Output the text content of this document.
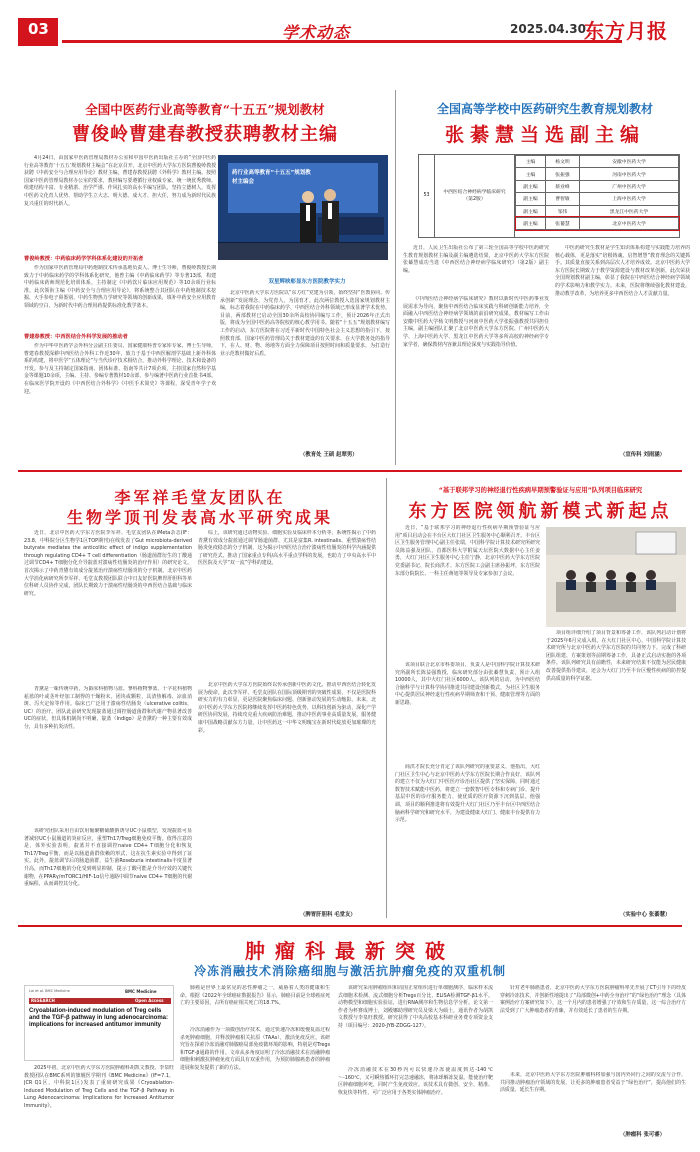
03	学术动态	2025.04.30
东方月报
全国中医药行业高等教育“十五五”规划教材
曹俊岭曹建春教授获聘教材主编
4月24日，由国家中医药管理局教材办公室和中国中医药出版社主办的“全国中医药行业高等教育‘十五五’规划教材主编会”在北京召开。北京中医药大学东方医院曹俊岭教授获聘《中药安全与合理应用导论》教材主编，曹建春教授获聘《外科学》教材主编。按照国家中医药管理局教材办公室的要求，教材编写要遵循行业权威专家、统一统优秀教师，组建结构丰富、专业精湛、治学严谨、作风扎实的高水平编写团队，坚持立德树人，发挥中医药文化育人优势，帮助学生立大志、明大德、成大才、担大任，努力成为新时代民族复兴重任的时代新人。
曹俊岭教授：中药临床药学学科体系化建设的开拓者
作为国家中医药管理局中药炮制技术传承基地负责人、博士生导师，曹俊岭教授长期致力于中药临床药学的学科体系化研究。他曾主编《中药临床药学》等专著13部，构建中药临床药师规范化培训体系，主持制定《中药饮片临床应用规范》等10余项行业标准。此次领衔主编《中药安全与合理应用导论》，将系统整合其团队在中药炮制技术挖掘、大手参电子鼻鉴别、中药生物热力学研究等领域的创新成果，填补中药安全应用教育领域的空白，为新时代中药合理用药提供标准化教学蓝本。
曹建春教授：中西医结合外科学发展的推动者
作为中华中医药学会外科分会副主任委员、国家健康科普专家库专家、博士生导师，曹建春教授深耕中西医结合外科工作近30年，致力于基于中西医解剖学基础上新外科体系的构建，将中医学“五体理论”与当代诊疗技术相结合，推动外科学理论、技术和设备的开发。参与及主持制定国家指南、团体标准、指南等共计7项企项，主持国家自然科学基金等课题10余项，主编、主持、参编专著教材10余部，参与编著中医药行业首批书4部。在临床医学院开设的《中西医结合外科学》《中医手术简史》等课程，深受青年学子欢迎。
药行业高等教育“十五五”规划教材主编会
双星辉映彰显东方医院教学实力
北京中医药大学东方医院以“东方红”党建为引领，始终坚持“医教协同、传承创新”发展理念，为党育人，为国育才。此次两位教授入选国家规划教材主编，标志着我院在中药临床药学、中西医结合外科领域已形成显著学术优势。目前，两部教材已启动全国30余所高校协同编写工作，预计2026年正式出版，将成为全国中医药高等院校的核心教学用书。随着“十五五”规划教材编写工作的启动，东方医院将在习近平新时代中国特色社会主义思想的指引下，按照教育部、国家中医药管理局关于教材建设的有关要求，在大学教务处的指导下，在人、财、物、场地等方面全力保障项目按照时间和质量要求，为打造行业示范教材做好后盾。
（教育处 王硕 赵翠男）
全国高等学校中医药研究生教育规划教材
张綦慧当选副主编
53
中西医结合神经病学临床研究（第2版）
主编	杨文明	安徽中医药大学
主编	张振强	河南中医药大学
副主编	蔡业峰	广州中医药大学
副主编	曹智敏	上海中医药大学
副主编	邹伟	黑龙江中医药大学
副主编	张綦慧	北京中医药大学
近日，人民卫生出版社公布了第三轮全国高等学校中医药研究生教育规划教材主编及副主编遴选结果，北京中医药大学东方医院张綦慧成功当选《中西医结合神经病学临床研究》（第2版）副主编。
《中西医结合神经病学临床研究》教材以新时代中医药事业发展需求为导向，聚焦中西医结合临床实践与科研创新能力培养，全面融入中西医结合神经病学领域的前沿研究成果。教材编写工作由安徽中医药大学杨文明教授与河南中医药大学张振强教授共同担任主编，副主编团队汇聚了北京中医药大学东方医院、广州中医药大学、上海中医药大学、黑龙江中医药大学等多所高校的神经病学专家学者，确保教材内容兼具理论深度与实践指导价值。
中医药研究生教材是学生知识体系构建与实践能力培养的核心载体，更是落实“培根铸魂、启智增慧”教育理念的关键抓手。其质量直接关系到高层次人才培养成效。北京中医药大学东方医院长期致力于教学资源建设与教材改革创新，此次荣获全国规划教材副主编，彰显了我院在中西医结合神经病学领域的学术影响力和教学实力。未来，医院将继续强化教材建设，推动教学改革，为培养更多中西医结合人才贡献力量。
（宣传科 刘雨涵）
李军祥毛堂友团队在
生物学顶刊发表高水平研究成果
近日，北京中医药大学东方医院李军祥、毛堂友团队在iMeta杂志(IF：23.8，中科院分区生物学1区TOP期刊)在线发表了Gut microbiota-derived butyrate mediates the anticolitic effect of indigo supplementation through regulating CD4+ T cell differentiation（肠道菌群衍生的丁酸通过调节CD4+ T细胞分化介导靛蓝对溃疡性结肠炎的治疗作用）的研究论文。首次揭示了中药青黛有效成分靛蓝治疗溃疡性结肠炎的分子机制。北京中医药大学消化病研究所李军祥、毛堂友教授团队联合中日友好医院脾胃肝胆科等单位科研人员协作完成，团队长期致力于溃疡性结肠炎的中西医结合基础与临床研究。
青黛是一味传统中药，为爵床科植物马蓝、蓼科植物蓼蓝、十字花科植物菘蓝的叶或茎叶经加工制得的干燥粉末，团块或颗粒，具清热解毒、凉血消斑、泻火定惊等作用。临床已广泛用于溃疡性结肠炎（ulcerative colitis，UC）的治疗。团队此前研究发现靛蓝通过调控肠道菌群和代谢产物显著改善UC的症状，但具体机制尚不明确，靛蓝（Indigo）是青黛的一种主要有效成分，具有多种抗炎活性。
该研究团队采用自由饮用葡聚糖硫酸钠诱导UC小鼠模型，发现靛蓝可显著减轻UC小鼠肠道的炎症反应，重塑Th17/Treg细胞免疫平衡。值得注意的是，体外实验表明，靛蓝并不直接调控naive CD4+ T细胞分化和恢复Th17/Treg平衡，而是以肠道菌群依赖的形式，这在抗生素实验中得到了证实。此外，靛蓝调节后的肠道菌群，益生菌Roseburia intestinalis丰度显著升高，而Th17细胞的分化受到明显抑制，提示丁酸可能是介导疗效的关键代谢物，在PPARγ/mTORC1/HIF-1α信号通路中调节naive CD4+ T细胞的代谢重编程，从而调控其分化。
综上，该研究通过动物实验、细胞实验及临床样本分析等，系统性揭示了中药青黛有效成分靛蓝通过调节肠道菌群、尤其是富集R. intestinalis、重塑溃疡性结肠炎免疫稳态的分子机制，这为揭示中西医结合治疗溃疡性结肠炎的科学内涵提供了研究范式，推动了国家重点专科/高水平重点学科的发展，也助力了中央高水平中医医院及大学“双一流”学科的建设。
北京中医药大学东方医院始终以传承创新中医药文化、推动中西医结合转化发展为使命。此次李军祥、毛堂友团队在国际顶级期刊的突破性成果，不仅是医院科研实力的有力彰显，更是医院聚焦临床问题、创新驱动发展的生动缩影。未来，北京中医药大学东方医院将继续发挥中医药特色优势，以科技创新为驱动，深化产学研医协同发展，持续攻克重大疾病防治难题，推动中医药事业高质量发展，服务健康中国战略贡献东方力量，让中医药这一中华文明瑰宝在新时代绽放更加璀璨的光彩。
（脾胃肝胆科 毛堂友）
“基于联邦学习的神经退行性疾病早期预警验证与应用”队列项目临床研究
东方医院领航新模式新起点
近日，“基于联邦学习的神经退行性疾病早期预警验证与应用”项目启动会在丰台区大红门社区卫生服务中心顺利召开。丰台区区卫生服务管理中心副主任张瑞，中国科学院计算技术研究所研究员陈益强及团队，首都医科大学附属天坛医院大数据中心主任姜勇，大红门社区卫生服务中心主任宁静，北京中医药大学东方医院党委副书记、院长商洪才、东方医院工会副主席孙振坪，东方医院东部分院院长、一科主任蒋旭等领导及专家参加了会议。
该项目联合北京市科委项目，负责人是中国科学院计算技术研究所副所长陈益强教授，临床研究部分由张綦慧负责，预计入组10000人，其中大红门社区6000人。该队列的启动，为中西医结合脑科学与计算科学协同推进共同建设创新模式，为社区卫生服务中心提供居民神经退行性疾病早期筛查和干预、健康管理等方面的新思路。
商洪才院长充分肯定了该队列研究的重要意义，他指出，大红门社区卫生中心与北京中医药大学东方医院长期合作良好，该队列的建立不仅为大红门中医医疗诊治社区提供了坚实保障，同时通过数智技术赋能中医药，将建立一套数智中医专科和专病门诊，提升基层中医的诊疗服务能力，使优质的医疗资源下沉到基层。他强调，项目的顺利推进将有效提升大红门社区乃至丰台区中西医结合脑病科学研究和研究水平，为建设健康大红门、健康丰台提供有力示范。
项目组详细介绍了项目背景和筹备工作，该队列启动计划将于2025年6月完成入组。在大红门社区中心，中国科学院计算技术研究所与北京中医药大学东方医院的共同努力下，完成了科研团队组建、方案策划等前期筹备工作，具备正式启动实施的各项条件。该队列研究具有前瞻性，未来研究结果不仅能为居民健康改善提供指导建议，还会为大红门乃至丰台区慢性疾病的防控提供高质量的科学证据。
（实验中心 张綦慧）
肿瘤科最新突破
冷冻消融技术消除癌细胞与激活抗肿瘤免疫的双重机制
Lai et al. BMC Medicine	BMC Medicine
RESEARCH	Open Access
Cryoablation-induced modulation of Treg cells and the TGF-β pathway in lung adenocarcinoma: implications for increased antitumor immunity
2025年初，北京中医药大学东方医院肿瘤科胡凯文教授、李泉旺教授团队在BMC系列的旗舰医学期刊《BMC Medicine》(IF=7.1，JCR Q1区，中科院1区)发表了重磅研究成果《Cryoablation-Induced Modulation of Treg Cells and the TGF-β Pathway in Lung Adenocarcinoma: Implications for Increased Antitumor Immunity》。
肺癌是世界上最常见的恶性肿瘤之一，威胁着人类的健康和生命。根据《2022年全球癌症数据报告》显示，肺癌目前是全球癌症死亡的主要原因，占所有癌症相关死亡的18.7%。
冷冻消融作为一项微创治疗技术，通过快速冷冻和缓慢复温过程杀死肿瘤细胞，并释放肿瘤相关抗原（TAAs），激活免疫反应。该研究旨在探索冷冻消融对肺腺癌局部免疫微环境的影响，特别是对Tregs和TGF-β通路的作用。文章从多角度证明了冷冻消融技术在消融肿瘤细胞和刺激抗肿瘤免疫方面具有双重作用，为预防肺腺癌患者的肿瘤进展和复发提供了新的方法。
该研究采用肿瘤组织和周围正常组织进行单细胞测序，临床样本流式细胞术检测、流式细胞分析Tregs百分比，ELISA检测TGF-β1水平。动物模型和细胞实验验证，进行RNA测序和生物信息学分析。论文第一作者为杯赛成博士，刘殿娜助理研究员及梁大为硕士，通讯作者为胡凯文教授与李泉旺教授。研究获得了中央高校基本科研业务费专项资金支持（项目编号：2020-JYB-ZDGG-127）。
冷冻消融技术在30秒内可以快速冷冻使温度到达-140℃～-160℃，又可瞬热循环打完急速融冻，将冰球解冻复温。能使治疗靶区肿瘤细胞坏死，同时产生免疫效应。该技术具有微创、安全、精准、恢复快等特性，可广泛应用于各类实体肿瘤治疗。
针对老年肺癌患者，北京中医药大学东方医院肿瘤科率先开展了CT引导下的经皮穿刺冷冻技术，并创新性地提出了“局部微创+中药全身治疗”的“绿色治疗”理念（具体案例治疗方案研究如下），这一个月内的患者增强了疗效和生存质量，这一综合治疗方法受到了广大肿瘤患者的青睐，并有效延长了患者的生存期。
未来，北京中医药大学东方医院肿瘤科将加强与国内外同行之间的交流与合作，共同推动肿瘤治疗领域的发展，让更多的肿瘤患者受益于“绿色治疗”，提高他们的生活质量、延长生存期。
（肿瘤科 张可睿）
